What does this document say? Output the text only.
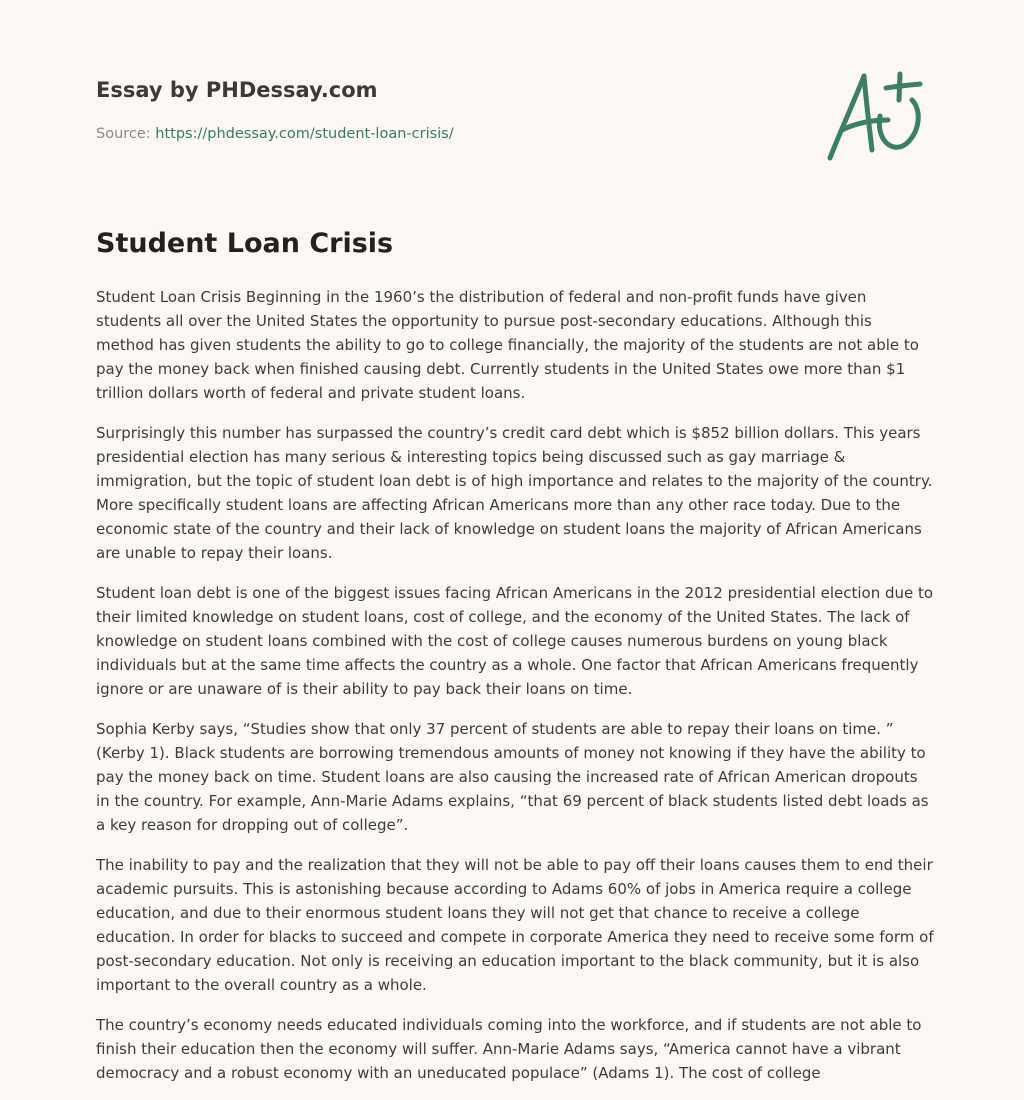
Essay by PHDessay.com
Source: https://phdessay.com/student-loan-crisis/
Student Loan Crisis

Student Loan Crisis Beginning in the 1960’s the distribution of federal and non-profit funds have given students all over the United States the opportunity to pursue post-secondary educations. Although this method has given students the ability to go to college financially, the majority of the students are not able to pay the money back when finished causing debt. Currently students in the United States owe more than $1 trillion dollars worth of federal and private student loans.

Surprisingly this number has surpassed the country’s credit card debt which is $852 billion dollars. This years presidential election has many serious & interesting topics being discussed such as gay marriage & immigration, but the topic of student loan debt is of high importance and relates to the majority of the country. More specifically student loans are affecting African Americans more than any other race today. Due to the economic state of the country and their lack of knowledge on student loans the majority of African Americans are unable to repay their loans.

Student loan debt is one of the biggest issues facing African Americans in the 2012 presidential election due to their limited knowledge on student loans, cost of college, and the economy of the United States. The lack of knowledge on student loans combined with the cost of college causes numerous burdens on young black individuals but at the same time affects the country as a whole. One factor that African Americans frequently ignore or are unaware of is their ability to pay back their loans on time.

Sophia Kerby says, “Studies show that only 37 percent of students are able to repay their loans on time. ” (Kerby 1). Black students are borrowing tremendous amounts of money not knowing if they have the ability to pay the money back on time. Student loans are also causing the increased rate of African American dropouts in the country. For example, Ann-Marie Adams explains, “that 69 percent of black students listed debt loads as a key reason for dropping out of college”.

The inability to pay and the realization that they will not be able to pay off their loans causes them to end their academic pursuits. This is astonishing because according to Adams 60% of jobs in America require a college education, and due to their enormous student loans they will not get that chance to receive a college education. In order for blacks to succeed and compete in corporate America they need to receive some form of post-secondary education. Not only is receiving an education important to the black community, but it is also important to the overall country as a whole.

The country’s economy needs educated individuals coming into the workforce, and if students are not able to finish their education then the economy will suffer. Ann-Marie Adams says, “America cannot have a vibrant democracy and a robust economy with an uneducated populace” (Adams 1). The cost of college
